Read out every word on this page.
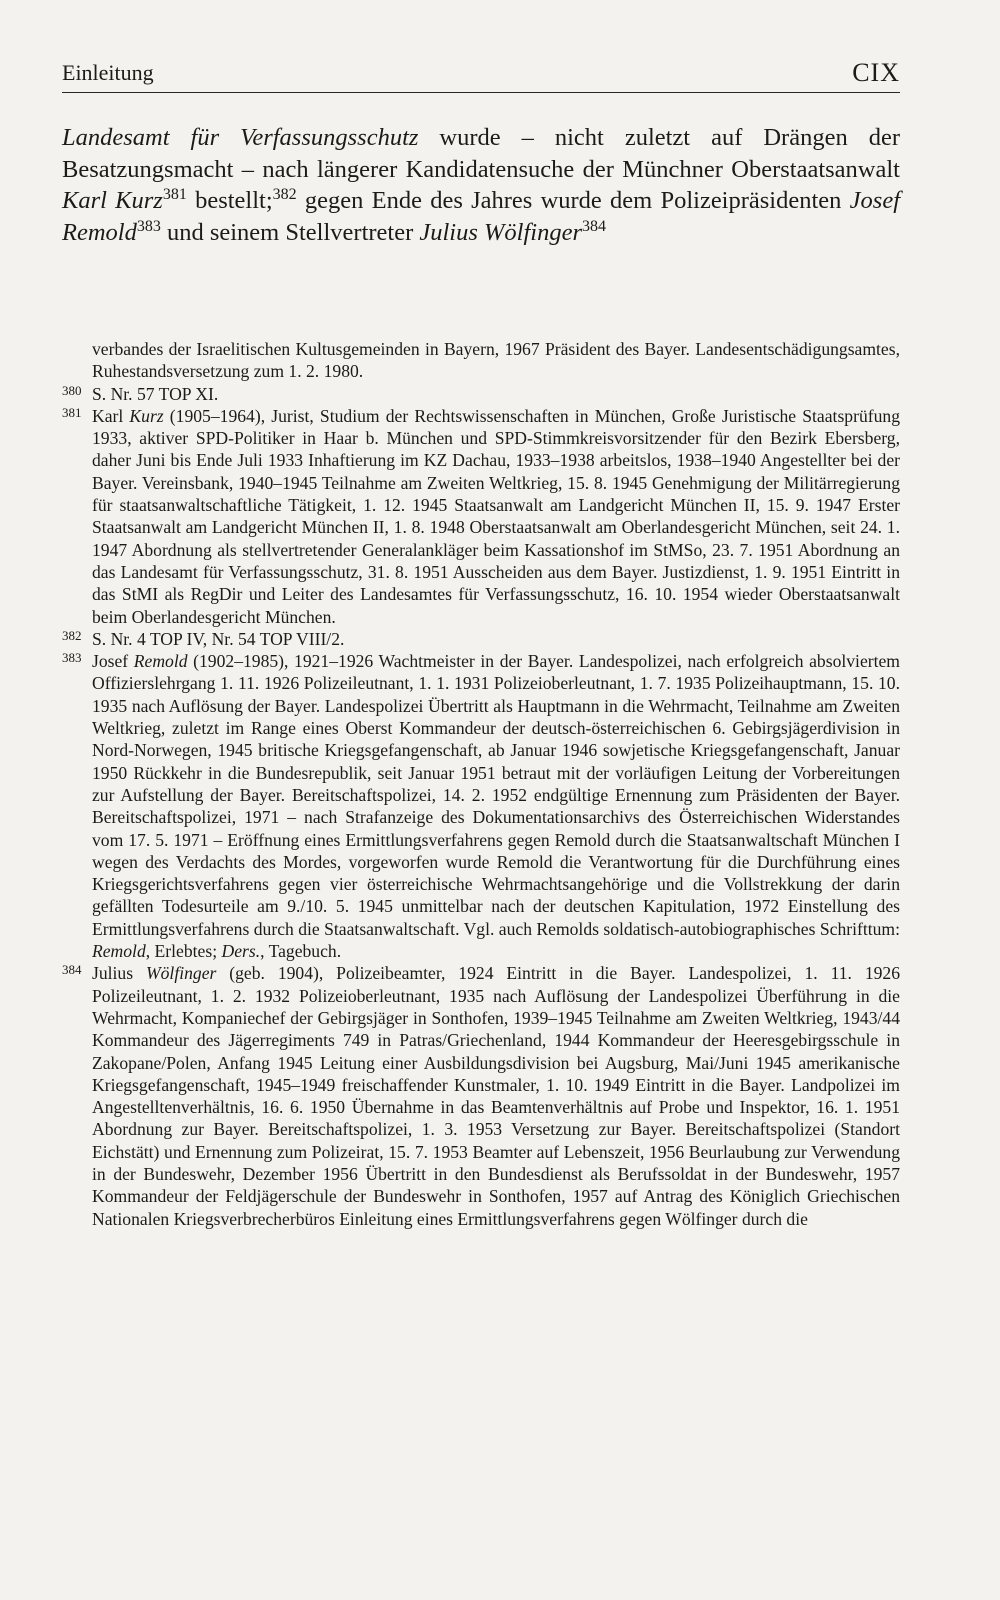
Einleitung	CIX

Landesamt für Verfassungsschutz wurde – nicht zuletzt auf Drängen der Besatzungsmacht – nach längerer Kandidatensuche der Münchner Oberstaatsanwalt Karl Kurz$^{381}$ bestellt;$^{382}$ gegen Ende des Jahres wurde dem Polizeipräsidenten Josef Remold$^{383}$ und seinem Stellvertreter Julius Wölfinger$^{384}$

verbandes der Israelitischen Kultusgemeinden in Bayern, 1967 Präsident des Bayer. Landesentschädigungsamtes, Ruhestandsversetzung zum 1. 2. 1980.

380 S. Nr. 57 TOP XI.

381 Karl Kurz (1905–1964), Jurist, Studium der Rechtswissenschaften in München, Große Juristische Staatsprüfung 1933, aktiver SPD-Politiker in Haar b. München und SPD-Stimmkreisvorsitzender für den Bezirk Ebersberg, daher Juni bis Ende Juli 1933 Inhaftierung im KZ Dachau, 1933–1938 arbeitslos, 1938–1940 Angestellter bei der Bayer. Vereinsbank, 1940–1945 Teilnahme am Zweiten Weltkrieg, 15. 8. 1945 Genehmigung der Militärregierung für staatsanwaltschaftliche Tätigkeit, 1. 12. 1945 Staatsanwalt am Landgericht München II, 15. 9. 1947 Erster Staatsanwalt am Landgericht München II, 1. 8. 1948 Oberstaatsanwalt am Oberlandesgericht München, seit 24. 1. 1947 Abordnung als stellvertretender Generalankläger beim Kassationshof im StMSo, 23. 7. 1951 Abordnung an das Landesamt für Verfassungsschutz, 31. 8. 1951 Ausscheiden aus dem Bayer. Justizdienst, 1. 9. 1951 Eintritt in das StMI als RegDir und Leiter des Landesamtes für Verfassungsschutz, 16. 10. 1954 wieder Oberstaatsanwalt beim Oberlandesgericht München.

382 S. Nr. 4 TOP IV, Nr. 54 TOP VIII/2.

383 Josef Remold (1902–1985), 1921–1926 Wachtmeister in der Bayer. Landespolizei, nach erfolgreich absolviertem Offizierslehrgang 1. 11. 1926 Polizeileutnant, 1. 1. 1931 Polizeioberleutnant, 1. 7. 1935 Polizeihauptmann, 15. 10. 1935 nach Auflösung der Bayer. Landespolizei Übertritt als Hauptmann in die Wehrmacht, Teilnahme am Zweiten Weltkrieg, zuletzt im Range eines Oberst Kommandeur der deutsch-österreichischen 6. Gebirgsjägerdivision in Nord-Norwegen, 1945 britische Kriegsgefangenschaft, ab Januar 1946 sowjetische Kriegsgefangenschaft, Januar 1950 Rückkehr in die Bundesrepublik, seit Januar 1951 betraut mit der vorläufigen Leitung der Vorbereitungen zur Aufstellung der Bayer. Bereitschaftspolizei, 14. 2. 1952 endgültige Ernennung zum Präsidenten der Bayer. Bereitschaftspolizei, 1971 – nach Strafanzeige des Dokumentationsarchivs des Österreichischen Widerstandes vom 17. 5. 1971 – Eröffnung eines Ermittlungsverfahrens gegen Remold durch die Staatsanwaltschaft München I wegen des Verdachts des Mordes, vorgeworfen wurde Remold die Verantwortung für die Durchführung eines Kriegsgerichtsverfahrens gegen vier österreichische Wehrmachtsangehörige und die Vollstrekkung der darin gefällten Todesurteile am 9./10. 5. 1945 unmittelbar nach der deutschen Kapitulation, 1972 Einstellung des Ermittlungsverfahrens durch die Staatsanwaltschaft. Vgl. auch Remolds soldatisch-autobiographisches Schrifttum: Remold, Erlebtes; Ders., Tagebuch.

384 Julius Wölfinger (geb. 1904), Polizeibeamter, 1924 Eintritt in die Bayer. Landespolizei, 1. 11. 1926 Polizeileutnant, 1. 2. 1932 Polizeioberleutnant, 1935 nach Auflösung der Landespolizei Überführung in die Wehrmacht, Kompaniechef der Gebirgsjäger in Sonthofen, 1939–1945 Teilnahme am Zweiten Weltkrieg, 1943/44 Kommandeur des Jägerregiments 749 in Patras/Griechenland, 1944 Kommandeur der Heeresgebirgsschule in Zakopane/Polen, Anfang 1945 Leitung einer Ausbildungsdivision bei Augsburg, Mai/Juni 1945 amerikanische Kriegsgefangenschaft, 1945–1949 freischaffender Kunstmaler, 1. 10. 1949 Eintritt in die Bayer. Landpolizei im Angestelltenverhältnis, 16. 6. 1950 Übernahme in das Beamtenverhältnis auf Probe und Inspektor, 16. 1. 1951 Abordnung zur Bayer. Bereitschaftspolizei, 1. 3. 1953 Versetzung zur Bayer. Bereitschaftspolizei (Standort Eichstätt) und Ernennung zum Polizeirat, 15. 7. 1953 Beamter auf Lebenszeit, 1956 Beurlaubung zur Verwendung in der Bundeswehr, Dezember 1956 Übertritt in den Bundesdienst als Berufssoldat in der Bundeswehr, 1957 Kommandeur der Feldjägerschule der Bundeswehr in Sonthofen, 1957 auf Antrag des Königlich Griechischen Nationalen Kriegsverbrecherbüros Einleitung eines Ermittlungsverfahrens gegen Wölfinger durch die
